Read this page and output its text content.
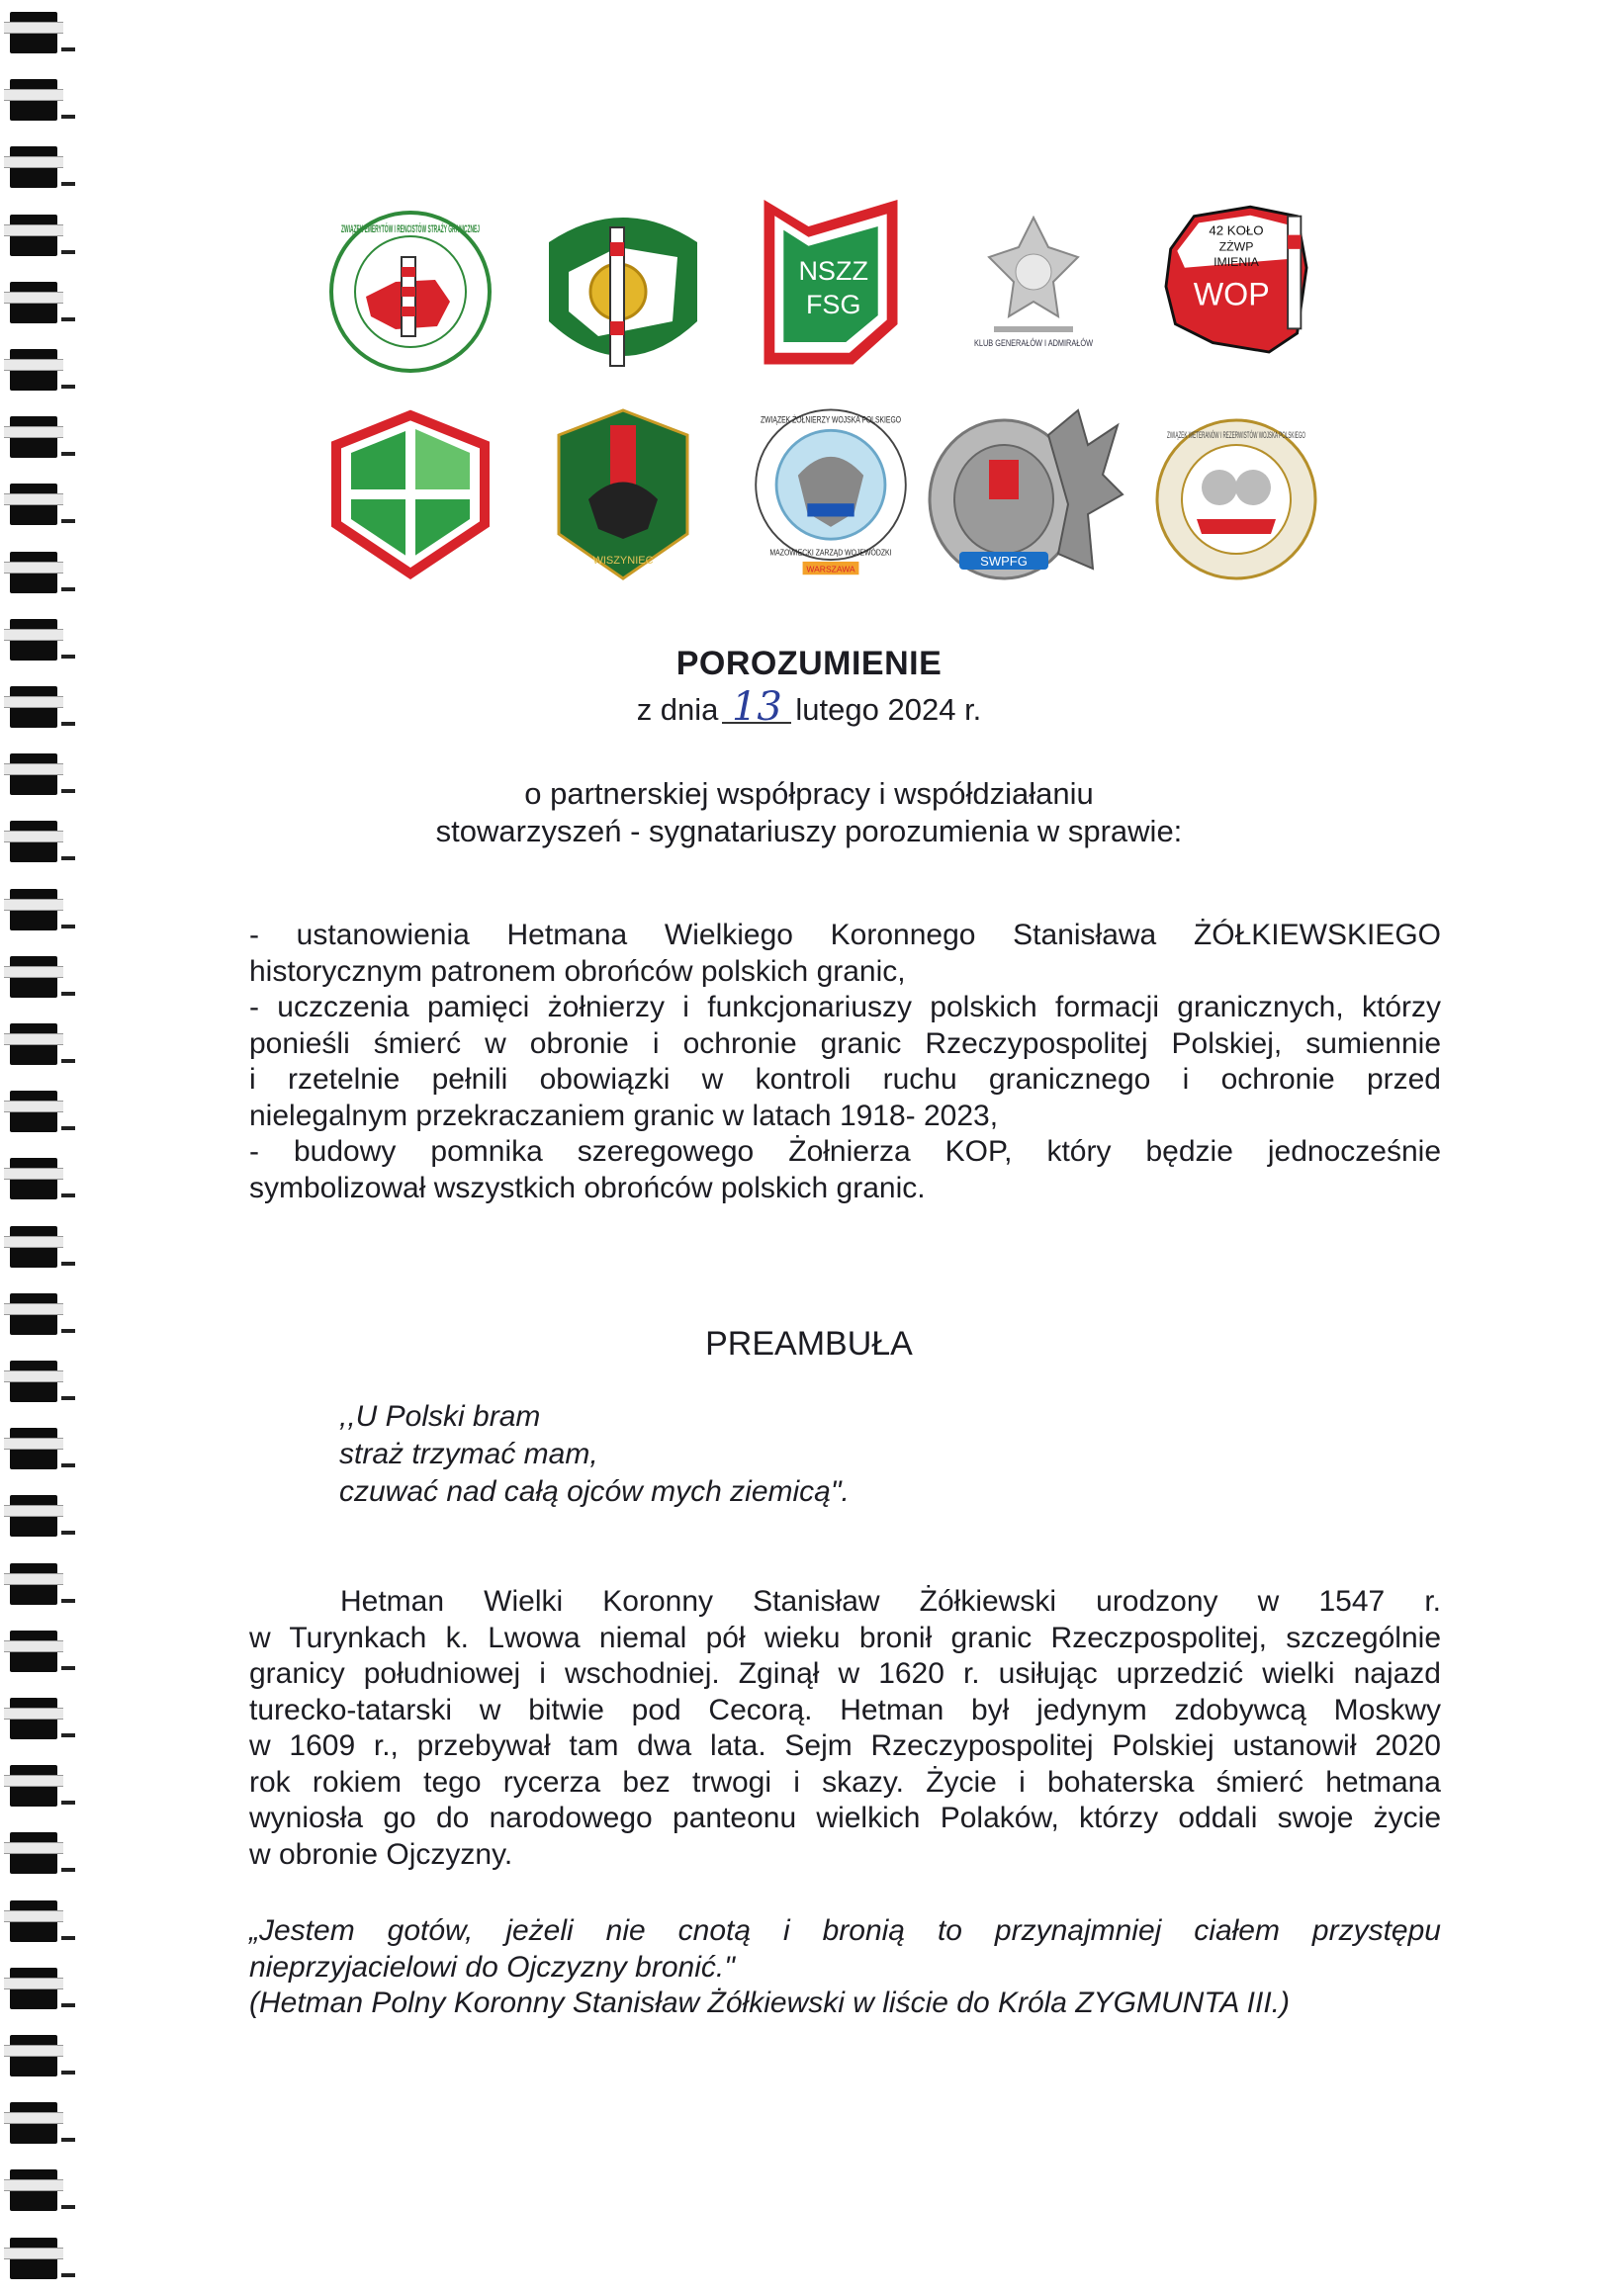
ZWIĄZEK EMERYTÓW I RENCISTÓW STRAŻY GRANICZNEJ
NSZZ
FSG
KLUB GENERAŁÓW I ADMIRAŁÓW
42 KOŁO
ZŻWP
IMIENIA
WOP
WISZYNIEC
ZWIĄZEK ŻOŁNIERZY WOJSKA POLSKIEGO
MAZOWIECKI ZARZĄD WOJEWÓDZKI
WARSZAWA
SWPFG
ZWIĄZEK WETERANÓW I REZERWISTÓW WOJSKA POLSKIEGO
POROZUMIENIE
z dnia 13 lutego 2024 r.
o partnerskiej współpracy i współdziałaniu
stowarzyszeń - sygnatariuszy porozumienia w sprawie:
- ustanowienia Hetmana Wielkiego Koronnego Stanisława ŻÓŁKIEWSKIEGO
historycznym patronem obrońców polskich granic,
- uczczenia pamięci żołnierzy i funkcjonariuszy polskich formacji granicznych, którzy
ponieśli śmierć w obronie i ochronie granic Rzeczypospolitej Polskiej, sumiennie
i rzetelnie pełnili obowiązki w kontroli ruchu granicznego i ochronie przed
nielegalnym przekraczaniem granic w latach 1918- 2023,
- budowy pomnika szeregowego Żołnierza KOP, który będzie jednocześnie
symbolizował wszystkich obrońców polskich granic.
PREAMBUŁA
,,U Polski bram
straż trzymać mam,
czuwać nad całą ojców mych ziemicą".
Hetman Wielki Koronny Stanisław Żółkiewski urodzony w 1547 r.
w Turynkach k. Lwowa niemal pół wieku bronił granic Rzeczpospolitej, szczególnie
granicy południowej i wschodniej. Zginął w 1620 r. usiłując uprzedzić wielki najazd
turecko-tatarski w bitwie pod Cecorą. Hetman był jedynym zdobywcą Moskwy
w 1609 r., przebywał tam dwa lata. Sejm Rzeczypospolitej Polskiej ustanowił 2020
rok rokiem tego rycerza bez trwogi i skazy. Życie i bohaterska śmierć hetmana
wyniosła go do narodowego panteonu wielkich Polaków, którzy oddali swoje życie
w obronie Ojczyzny.
„Jestem gotów, jeżeli nie cnotą i bronią to przynajmniej ciałem przystępu
nieprzyjacielowi do Ojczyzny bronić."
(Hetman Polny Koronny Stanisław Żółkiewski w liście do Króla ZYGMUNTA III.)
